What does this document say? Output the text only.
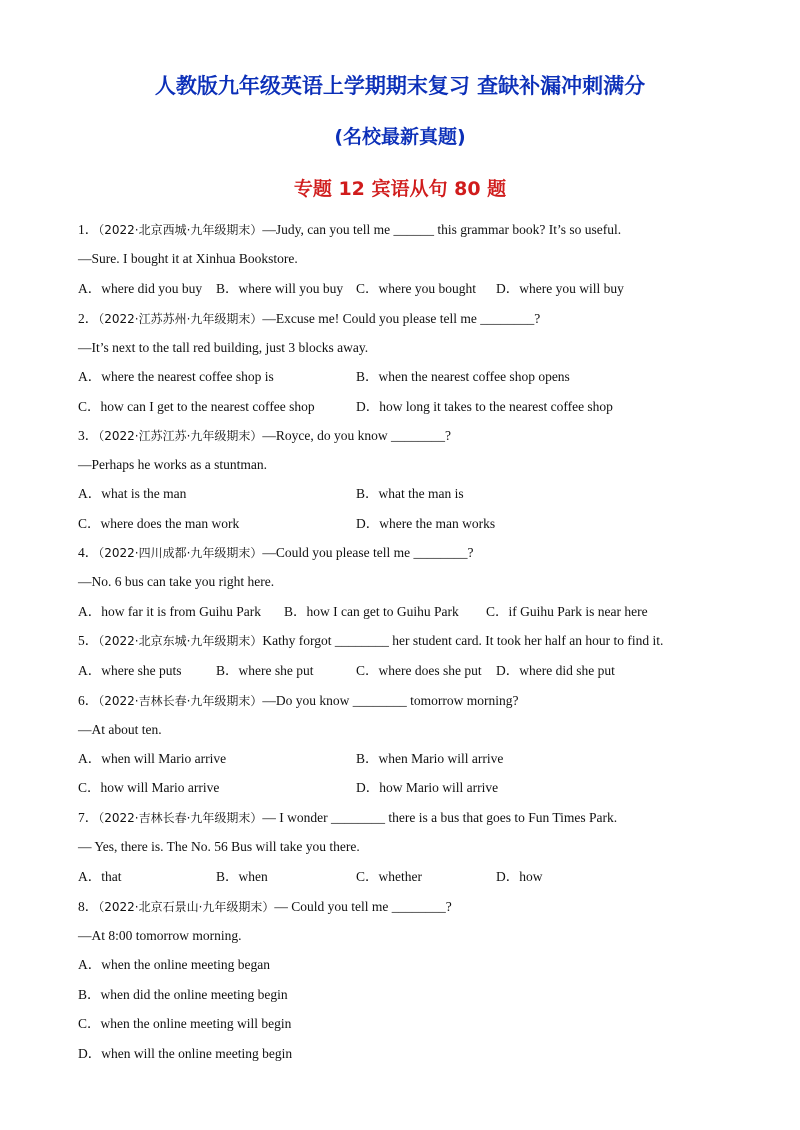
人教版九年级英语上学期期末复习 查缺补漏冲刺满分
(名校最新真题)
专题 12 宾语从句 80 题
1．（2022·北京西城·九年级期末）—Judy, can you tell me ______ this grammar book? It’s so useful.
—Sure. I bought it at Xinhua Bookstore.
A．where did you buy B．where will you buy C．where you bought D．where you will buy
2．（2022·江苏苏州·九年级期末）—Excuse me! Could you please tell me ________?
—It’s next to the tall red building, just 3 blocks away.
A．where the nearest coffee shop is	B．when the nearest coffee shop opens
C．how can I get to the nearest coffee shop	D．how long it takes to the nearest coffee shop
3．（2022·江苏江苏·九年级期末）—Royce, do you know ________?
—Perhaps he works as a stuntman.
A．what is the man	B．what the man is
C．where does the man work	D．where the man works
4．（2022·四川成都·九年级期末）—Could you please tell me ________?
—No. 6 bus can take you right here.
A．how far it is from Guihu Park B．how I can get to Guihu Park C．if Guihu Park is near here
5．（2022·北京东城·九年级期末）Kathy forgot ________ her student card. It took her half an hour to find it.
A．where she puts	B．where she put	C．where does she put D．where did she put
6．（2022·吉林长春·九年级期末）—Do you know ________ tomorrow morning?
—At about ten.
A．when will Mario arrive	B．when Mario will arrive
C．how will Mario arrive	D．how Mario will arrive
7．（2022·吉林长春·九年级期末）— I wonder ________ there is a bus that goes to Fun Times Park.
— Yes, there is. The No. 56 Bus will take you there.
A．that	B．when	C．whether	D．how
8．（2022·北京石景山·九年级期末）— Could you tell me ________?
—At 8:00 tomorrow morning.
A．when the online meeting began
B．when did the online meeting begin
C．when the online meeting will begin
D．when will the online meeting begin
